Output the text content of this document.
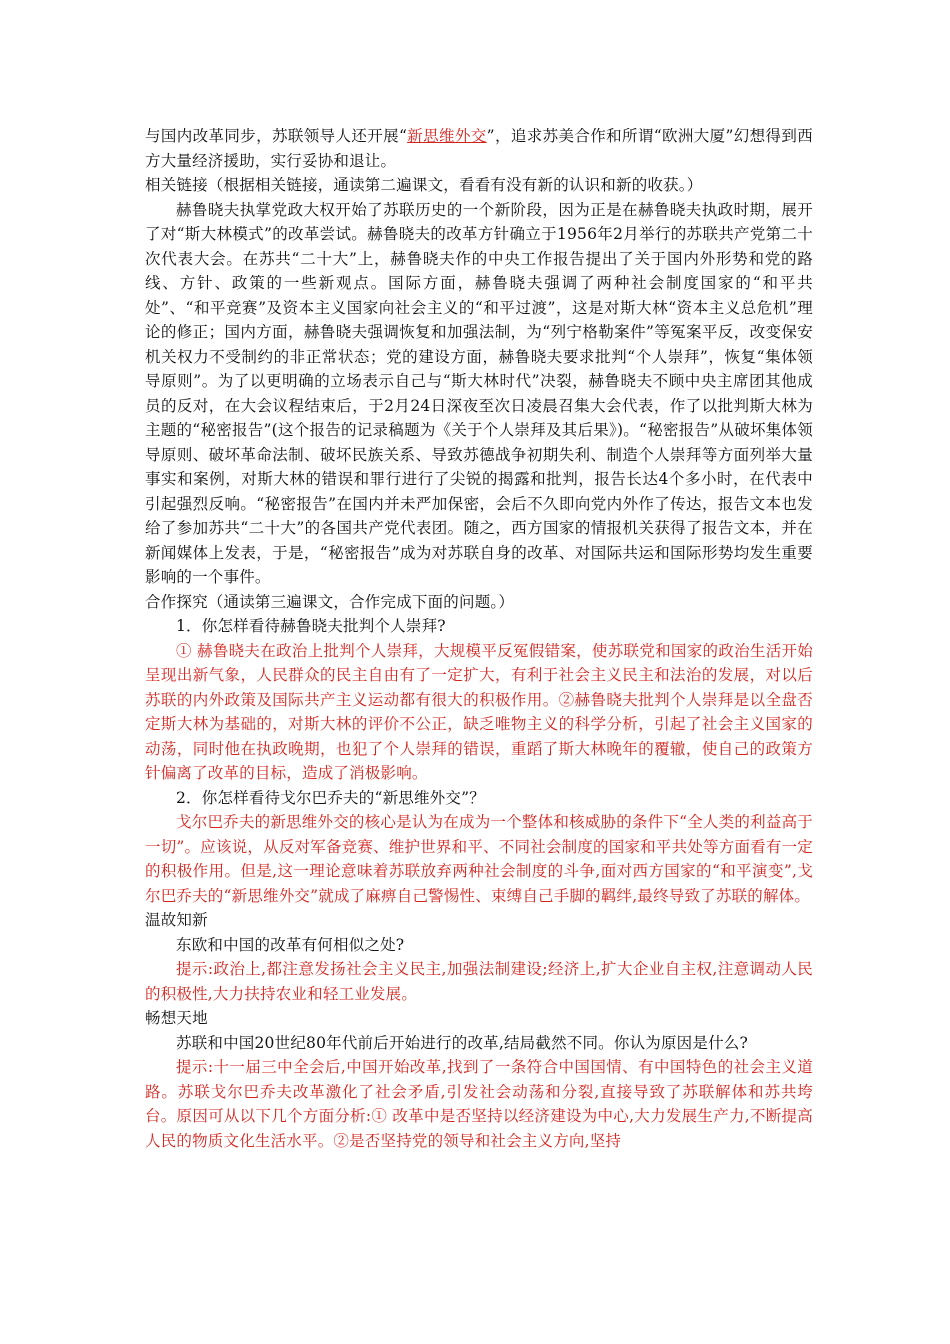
与国内改革同步，苏联领导人还开展“新思维外交”，追求苏美合作和所谓“欧洲大厦”幻想得到西方大量经济援助，实行妥协和退让。

相关链接（根据相关链接，通读第二遍课文，看看有没有新的认识和新的收获。）

赫鲁晓夫执掌党政大权开始了苏联历史的一个新阶段，因为正是在赫鲁晓夫执政时期，展开了对“斯大林模式”的改革尝试。赫鲁晓夫的改革方针确立于1956年2月举行的苏联共产党第二十次代表大会。在苏共“二十大”上，赫鲁晓夫作的中央工作报告提出了关于国内外形势和党的路线、方针、政策的一些新观点。国际方面，赫鲁晓夫强调了两种社会制度国家的“和平共处”、“和平竞赛”及资本主义国家向社会主义的“和平过渡”，这是对斯大林“资本主义总危机”理论的修正；国内方面，赫鲁晓夫强调恢复和加强法制，为“列宁格勒案件”等冤案平反，改变保安机关权力不受制约的非正常状态；党的建设方面，赫鲁晓夫要求批判“个人崇拜”，恢复“集体领导原则”。为了以更明确的立场表示自己与“斯大林时代”决裂，赫鲁晓夫不顾中央主席团其他成员的反对，在大会议程结束后，于2月24日深夜至次日凌晨召集大会代表，作了以批判斯大林为主题的“秘密报告”(这个报告的记录稿题为《关于个人崇拜及其后果》)。“秘密报告”从破坏集体领导原则、破坏革命法制、破坏民族关系、导致苏德战争初期失利、制造个人崇拜等方面列举大量事实和案例，对斯大林的错误和罪行进行了尖锐的揭露和批判，报告长达4个多小时，在代表中引起强烈反响。“秘密报告”在国内并未严加保密，会后不久即向党内外作了传达，报告文本也发给了参加苏共“二十大”的各国共产党代表团。随之，西方国家的情报机关获得了报告文本，并在新闻媒体上发表，于是，“秘密报告”成为对苏联自身的改革、对国际共运和国际形势均发生重要影响的一个事件。

合作探究（通读第三遍课文，合作完成下面的问题。）

1．你怎样看待赫鲁晓夫批判个人崇拜?

① 赫鲁晓夫在政治上批判个人崇拜，大规模平反冤假错案，使苏联党和国家的政治生活开始呈现出新气象，人民群众的民主自由有了一定扩大，有利于社会主义民主和法治的发展，对以后苏联的内外政策及国际共产主义运动都有很大的积极作用。②赫鲁晓夫批判个人崇拜是以全盘否定斯大林为基础的，对斯大林的评价不公正，缺乏唯物主义的科学分析，引起了社会主义国家的动荡，同时他在执政晚期，也犯了个人崇拜的错误，重蹈了斯大林晚年的覆辙，使自己的政策方针偏离了改革的目标，造成了消极影响。

2．你怎样看待戈尔巴乔夫的“新思维外交”？

戈尔巴乔夫的新思维外交的核心是认为在成为一个整体和核威胁的条件下“全人类的利益高于一切”。应该说，从反对军备竞赛、维护世界和平、不同社会制度的国家和平共处等方面看有一定的积极作用。但是,这一理论意味着苏联放弃两种社会制度的斗争,面对西方国家的“和平演变”,戈尔巴乔夫的“新思维外交”就成了麻痹自己警惕性、束缚自己手脚的羁绊,最终导致了苏联的解体。

温故知新

东欧和中国的改革有何相似之处?

提示:政治上,都注意发扬社会主义民主,加强法制建设;经济上,扩大企业自主权,注意调动人民的积极性,大力扶持农业和轻工业发展。

畅想天地

苏联和中国20世纪80年代前后开始进行的改革,结局截然不同。你认为原因是什么?

提示:十一届三中全会后,中国开始改革,找到了一条符合中国国情、有中国特色的社会主义道路。苏联戈尔巴乔夫改革激化了社会矛盾,引发社会动荡和分裂,直接导致了苏联解体和苏共垮台。原因可从以下几个方面分析:① 改革中是否坚持以经济建设为中心,大力发展生产力,不断提高人民的物质文化生活水平。②是否坚持党的领导和社会主义方向,坚持
